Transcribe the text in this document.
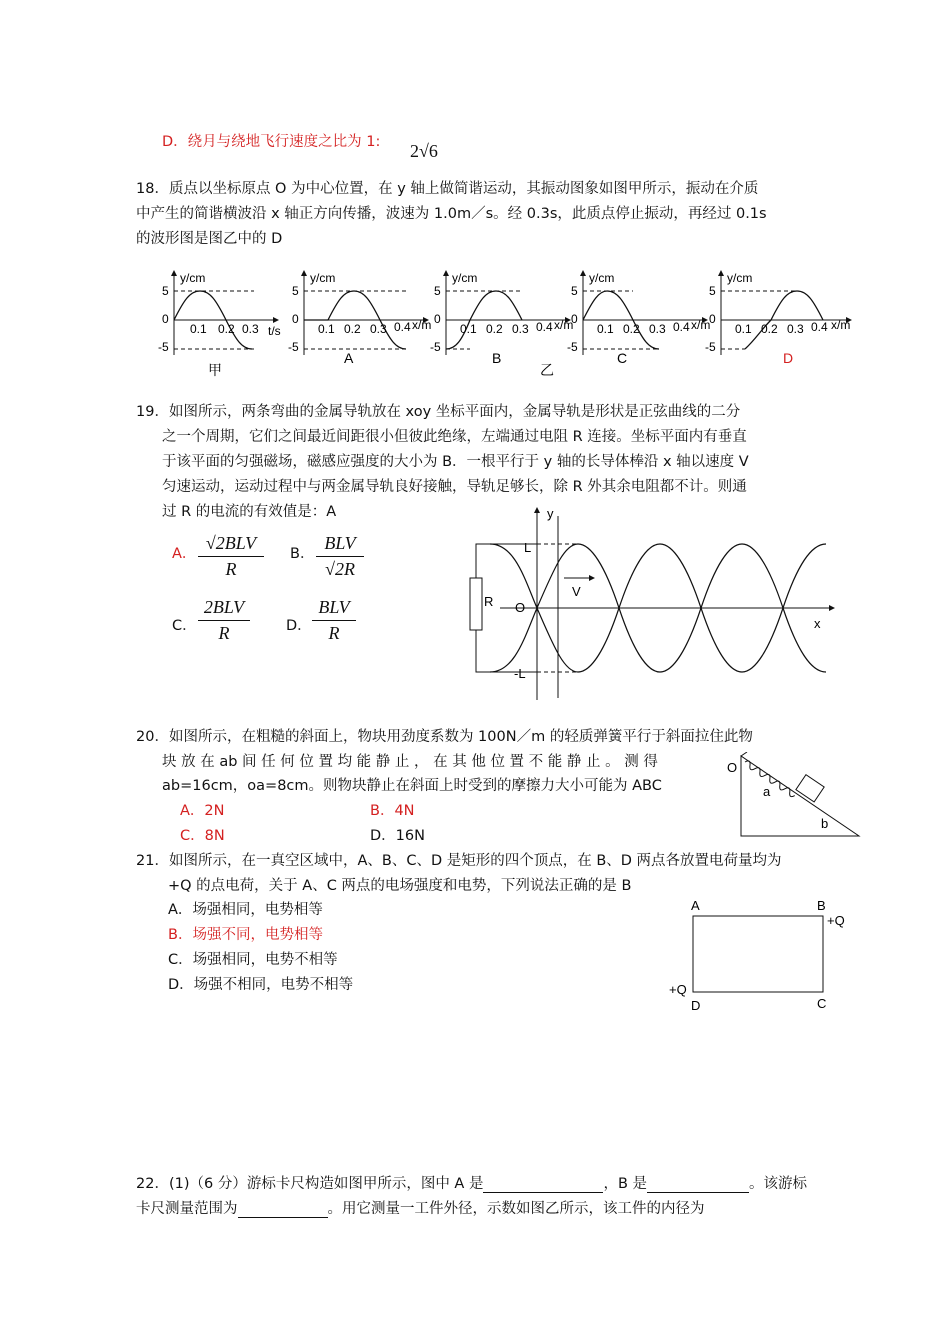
D．绕月与绕地飞行速度之比为 1: 2√6
18．质点以坐标原点 O 为中心位置，在 y 轴上做简谐运动，其振动图象如图甲所示，振动在介质
中产生的简谐横波沿 x 轴正方向传播，波速为 1.0m／s。经 0.3s，此质点停止振动，再经过 0.1s
的波形图是图乙中的 D
y/cm
5
0
-5
0.1 0.2 0.3 t/s
甲
y/cm
5
0
-5
0.1 0.2 0.3 0.4 x/m
A
y/cm
5
0
-5
0.1 0.2 0.3 0.4 x/m
B
乙
y/cm
5
0
-5
0.1 0.2 0.3 0.4 x/m
C
y/cm
5
0
-5
0.1 0.2 0.3 0.4 x/m
D
19．如图所示，两条弯曲的金属导轨放在 xoy 坐标平面内，金属导轨是形状是正弦曲线的二分
之一个周期，它们之间最近间距很小但彼此绝缘，左端通过电阻 R 连接。坐标平面内有垂直
于该平面的匀强磁场，磁感应强度的大小为 B．一根平行于 y 轴的长导体棒沿 x 轴以速度 V
匀速运动，运动过程中与两金属导轨良好接触，导轨足够长，除 R 外其余电阻都不计。则通
过 R 的电流的有效值是：A
A．
√2BLV
R
B．
BLV
√2R
C．
2BLV
R	D．
BLV
R
y
x
L
-L
O
R
V
20．如图所示，在粗糙的斜面上，物块用劲度系数为 100N／m 的轻质弹簧平行于斜面拉住此物
块 放 在 ab 间 任 何 位 置 均 能 静 止 ， 在 其 他 位 置 不 能 静 止 。 测 得
ab=16cm，oa=8cm。则物块静止在斜面上时受到的摩擦力大小可能为 ABC
A．2N	B．4N
C．8N	D．16N
O
a
b
21．如图所示，在一真空区域中，A、B、C、D 是矩形的四个顶点，在 B、D 两点各放置电荷量均为
+Q 的点电荷，关于 A、C 两点的电场强度和电势，下列说法正确的是 B
A．场强相同，电势相等
B．场强不同，电势相等
C．场强相同，电势不相等
D．场强不相同，电势不相等
A	B
+Q
+Q
D	C
22．(1)（6 分）游标卡尺构造如图甲所示，图中 A 是	，B 是	。该游标
卡尺测量范围为	。用它测量一工件外径，示数如图乙所示，该工件的内径为
